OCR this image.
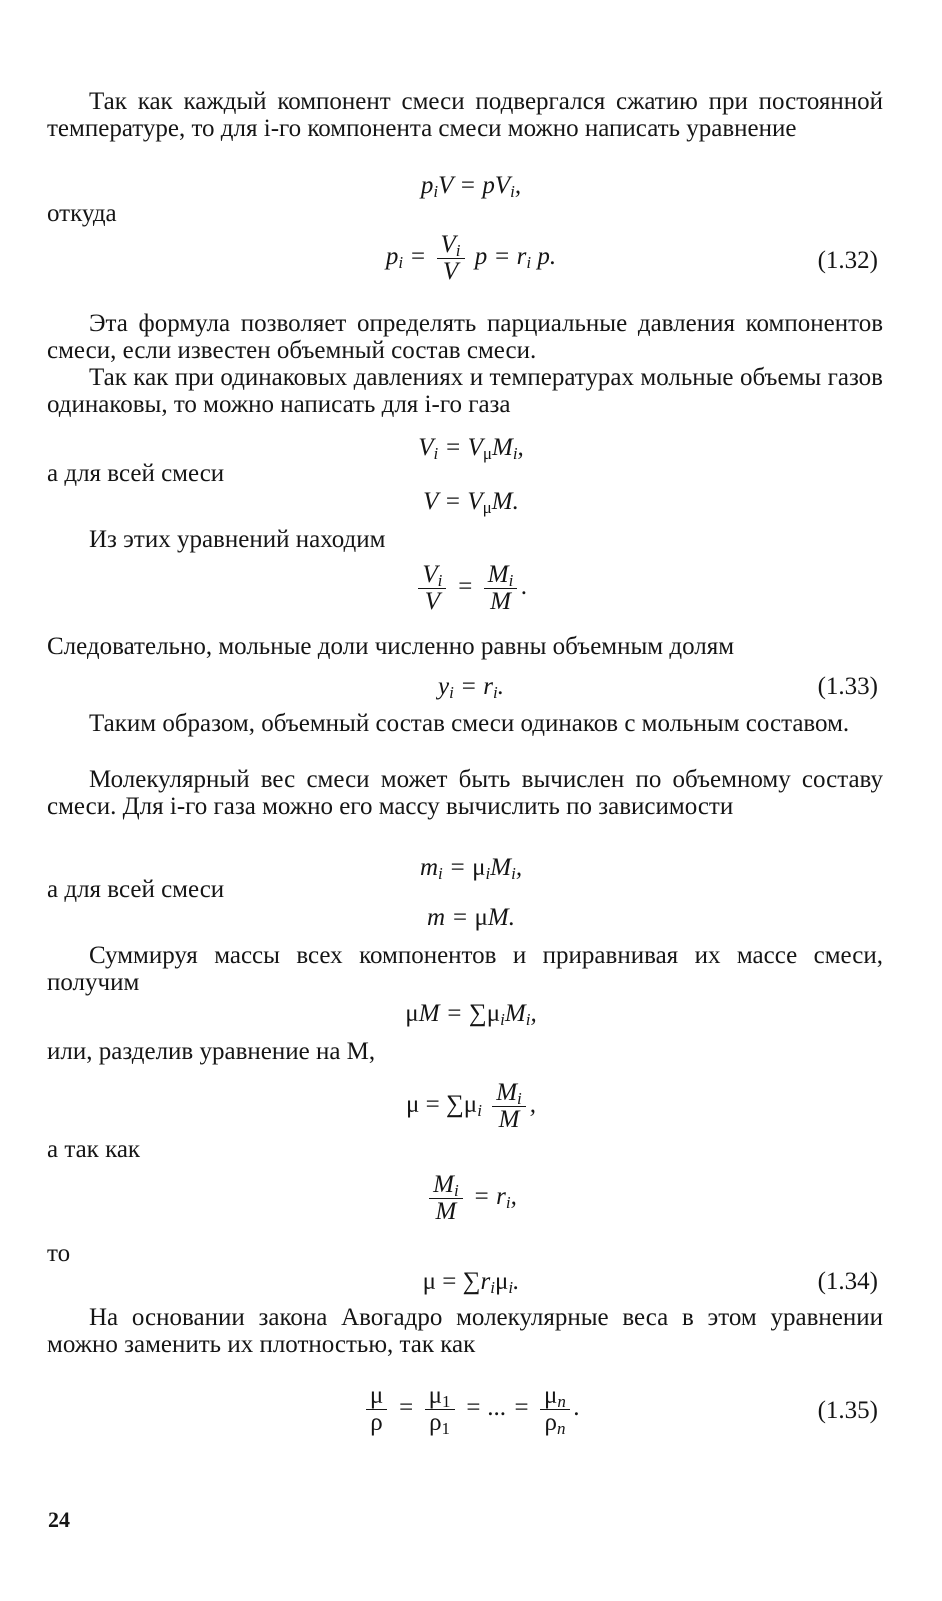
Так как каждый компонент смеси подвергался сжатию при постоянной температуре, то для i-го компонента смеси можно написать уравнение

$p_iV = pV_i$,
откуда
$p_i = \frac{V_i}{V}$ $p = r_i$ p.	(1.32)

Эта формула позволяет определять парциальные давления компонентов смеси, если известен объемный состав смеси.

Так как при одинаковых давлениях и температурах мольные объемы газов одинаковы, то можно написать для i-го газа

$V_i = V_\mu M_i$,
а для всей смеси
$V = V_\mu M$.

Из этих уравнений находим

$\frac{V_i}{V} = \frac{M_i}{M}$ .

Следовательно, мольные доли численно равны объемным долям

$y_i = r_i$.	(1.33)

Таким образом, объемный состав смеси одинаков с мольным составом.

Молекулярный вес смеси может быть вычислен по объемному составу смеси. Для i-го газа можно его массу вычислить по зависимости

$m_i = \mu_iM_i$,
а для всей смеси
m = μM.

Суммируя массы всех компонентов и приравнивая их массе смеси, получим

$\mu M = \sum\mu_iM_i$,
или, разделив уравнение на M,
$\mu = \sum\mu_i \frac{M_i}{M}$ ,
а так как
$\frac{M_i}{M} = r_i$,
то
$\mu = \sum r_i\mu_i$.	(1.34)

На основании закона Авогадро молекулярные веса в этом уравнении можно заменить их плотностью, так как

$\frac{\mu}{\rho} = \frac{\mu_1}{\rho_1}$ = ... = $\frac{\mu_n}{\rho_n}$ .	(1.35)
24
